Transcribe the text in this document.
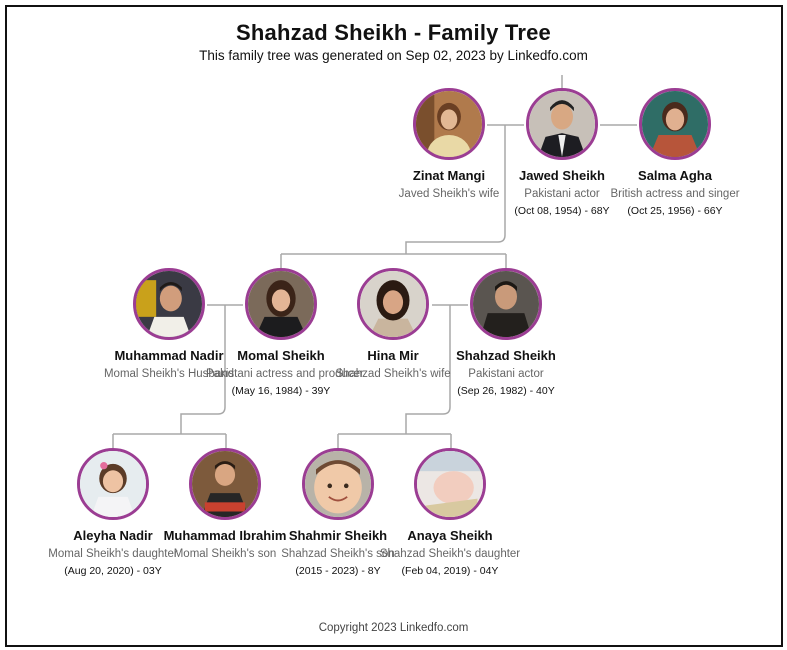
Shahzad Sheikh - Family Tree
This family tree was generated on Sep 02, 2023 by Linkedfo.com
Zinat Mangi
Javed Sheikh's wife
Jawed Sheikh
Pakistani actor
(Oct 08, 1954) - 68Y
Salma Agha
British actress and singer
(Oct 25, 1956) - 66Y
Muhammad Nadir
Momal Sheikh's Husband
Momal Sheikh
Pakistani actress and producer
(May 16, 1984) - 39Y
Hina Mir
Shahzad Sheikh's wife
Shahzad Sheikh
Pakistani actor
(Sep 26, 1982) - 40Y
Aleyha Nadir
Momal Sheikh's daughter
(Aug 20, 2020) - 03Y
Muhammad Ibrahim
Momal Sheikh's son
Shahmir Sheikh
Shahzad Sheikh's son
(2015 - 2023) - 8Y
Anaya Sheikh
Shahzad Sheikh's daughter
(Feb 04, 2019) - 04Y
Copyright 2023 Linkedfo.com
